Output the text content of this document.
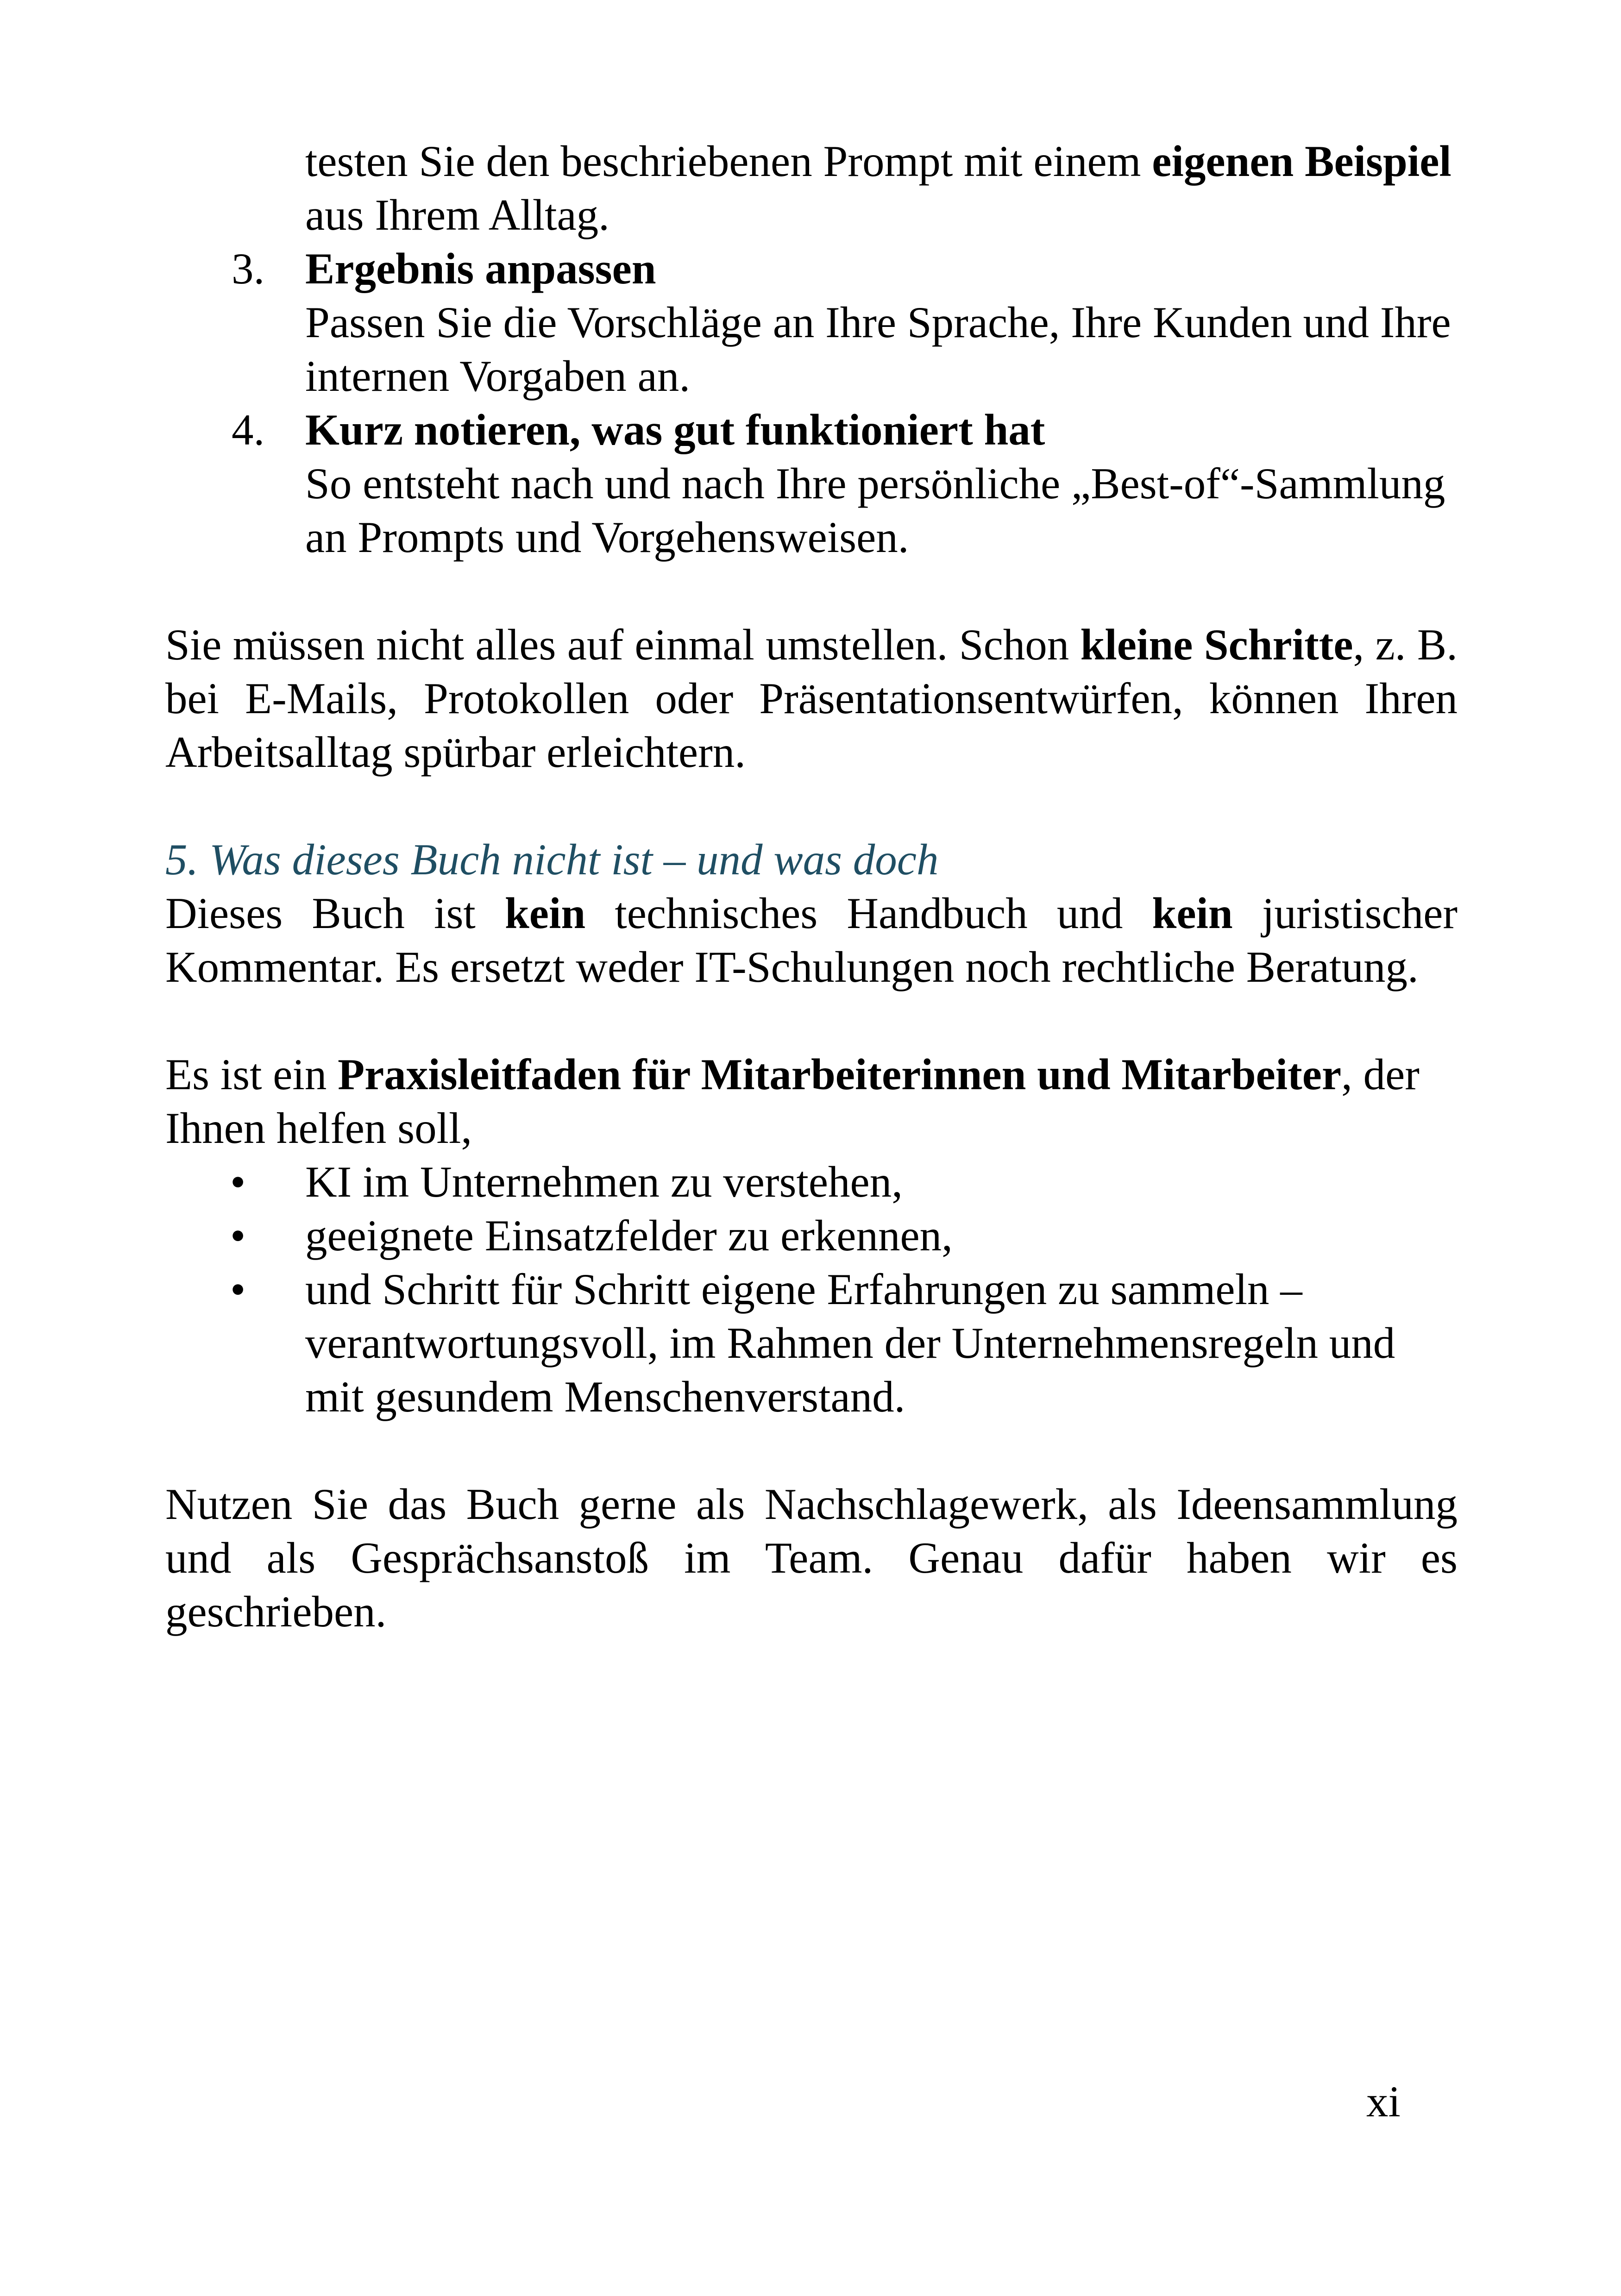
testen Sie den beschriebenen Prompt mit einem eigenen Beispiel aus Ihrem Alltag.

3. Ergebnis anpassen

Passen Sie die Vorschläge an Ihre Sprache, Ihre Kunden und Ihre internen Vorgaben an.

4. Kurz notieren, was gut funktioniert hat

So entsteht nach und nach Ihre persönliche „Best-of“-Sammlung an Prompts und Vorgehensweisen.

Sie müssen nicht alles auf einmal umstellen. Schon kleine Schritte, z. B. bei E-Mails, Protokollen oder Präsentationsentwürfen, können Ihren Arbeitsalltag spürbar erleichtern.

5. Was dieses Buch nicht ist – und was doch

Dieses Buch ist kein technisches Handbuch und kein juristischer Kommentar. Es ersetzt weder IT-Schulungen noch rechtliche Beratung.

Es ist ein Praxisleitfaden für Mitarbeiterinnen und Mitarbeiter, der Ihnen helfen soll,

• KI im Unternehmen zu verstehen,

• geeignete Einsatzfelder zu erkennen,

• und Schritt für Schritt eigene Erfahrungen zu sammeln – verantwortungsvoll, im Rahmen der Unternehmensregeln und mit gesundem Menschenverstand.

Nutzen Sie das Buch gerne als Nachschlagewerk, als Ideensammlung und als Gesprächsanstoß im Team. Genau dafür haben wir es geschrieben.

xi
